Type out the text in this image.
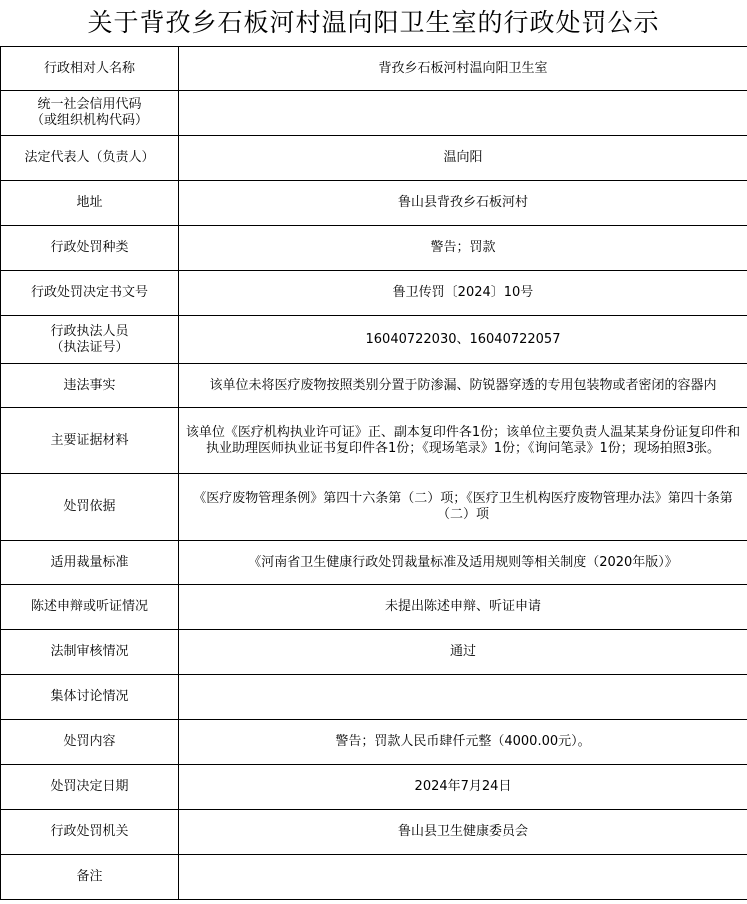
关于背孜乡石板河村温向阳卫生室的行政处罚公示
行政相对人名称	背孜乡石板河村温向阳卫生室

统一社会信用代码
（或组织机构代码）	

法定代表人（负责人）	温向阳
地址	鲁山县背孜乡石板河村
行政处罚种类	警告；罚款
行政处罚决定书文号	鲁卫传罚〔2024〕10号

行政执法人员
（执法证号）	16040722030、16040722057
违法事实	该单位未将医疗废物按照类别分置于防渗漏、防锐器穿透的专用包装物或者密闭的容器内
主要证据材料	该单位《医疗机构执业许可证》正、副本复印件各1份；该单位主要负责人温某某身份证复印件和执业助理医师执业证书复印件各1份；《现场笔录》1份；《询问笔录》1份；现场拍照3张。
处罚依据	《医疗废物管理条例》第四十六条第（二）项；《医疗卫生机构医疗废物管理办法》第四十条第（二）项
适用裁量标准	《河南省卫生健康行政处罚裁量标准及适用规则等相关制度（2020年版）》
陈述申辩或听证情况	未提出陈述申辩、听证申请
法制审核情况	通过
集体讨论情况	
处罚内容	警告；罚款人民币肆仟元整（4000.00元）。
处罚决定日期	2024年7月24日
行政处罚机关	鲁山县卫生健康委员会
备注	
